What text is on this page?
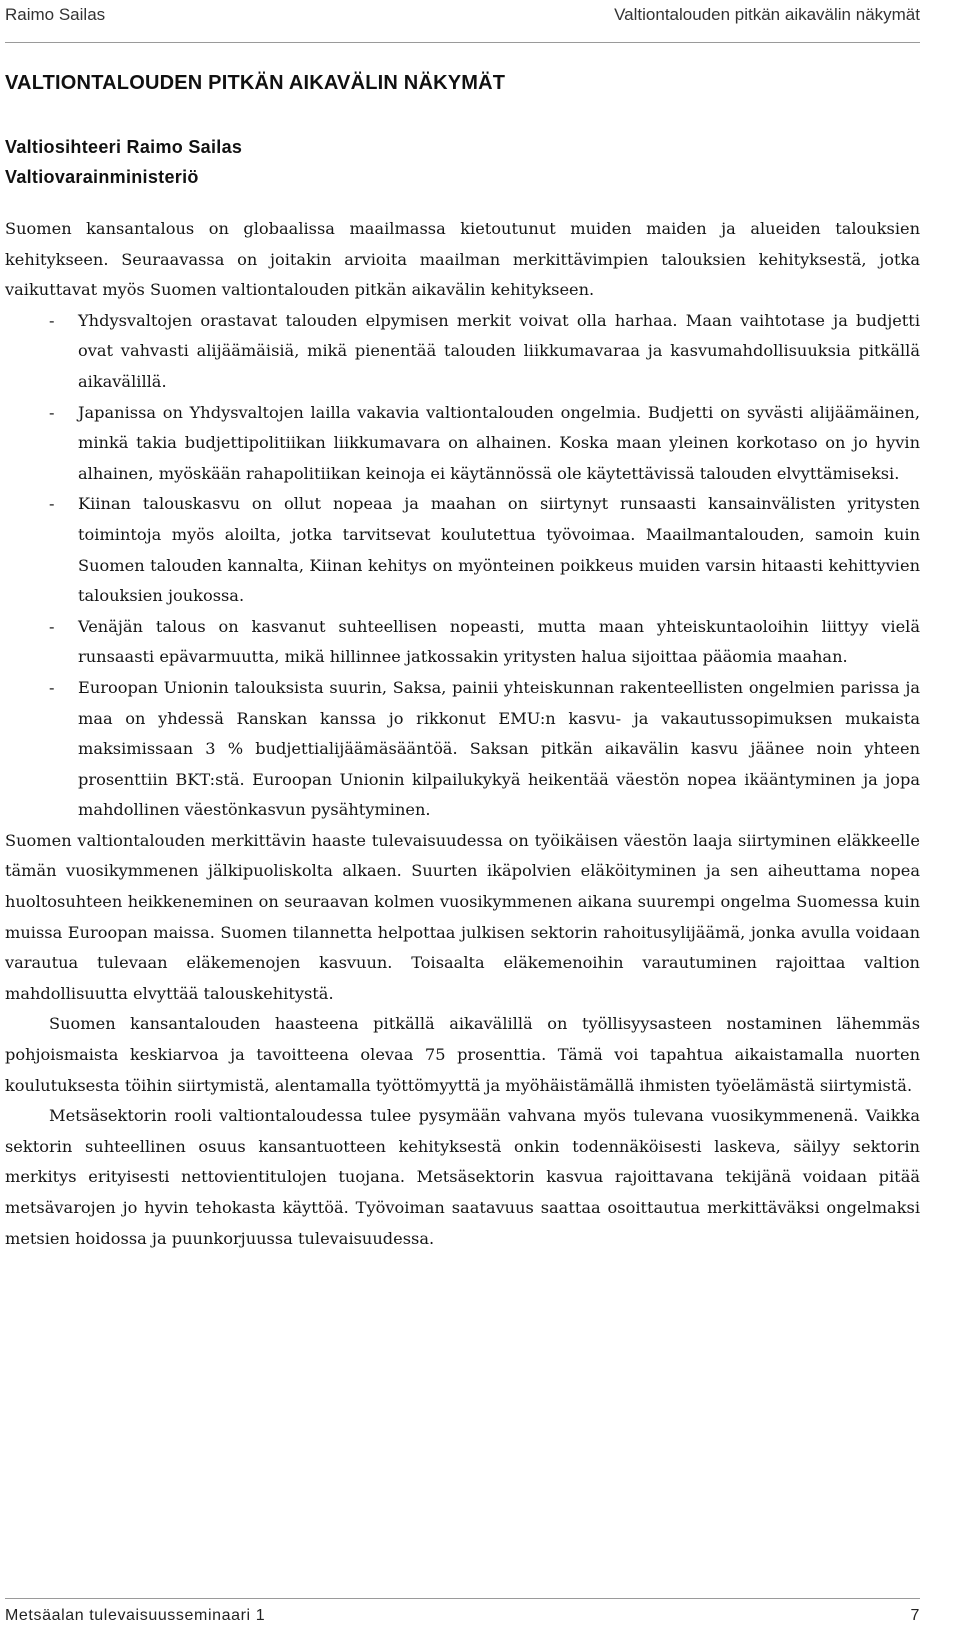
Raimo Sailas	Valtiontalouden pitkän aikavälin näkymät
VALTIONTALOUDEN PITKÄN AIKAVÄLIN NÄKYMÄT
Valtiosihteeri Raimo Sailas
Valtiovarainministeriö

Suomen kansantalous on globaalissa maailmassa kietoutunut muiden maiden ja alueiden talouksien kehitykseen. Seuraavassa on joitakin arvioita maailman merkittävimpien talouksien kehityksestä, jotka vaikuttavat myös Suomen valtiontalouden pitkän aikavälin kehitykseen.

- Yhdysvaltojen orastavat talouden elpymisen merkit voivat olla harhaa. Maan vaihtotase ja budjetti ovat vahvasti alijäämäisiä, mikä pienentää talouden liikkumavaraa ja kasvumahdollisuuksia pitkällä aikavälillä.
- Japanissa on Yhdysvaltojen lailla vakavia valtiontalouden ongelmia. Budjetti on syvästi alijäämäinen, minkä takia budjettipolitiikan liikkumavara on alhainen. Koska maan yleinen korkotaso on jo hyvin alhainen, myöskään rahapolitiikan keinoja ei käytännössä ole käytettävissä talouden elvyttämiseksi.
- Kiinan talouskasvu on ollut nopeaa ja maahan on siirtynyt runsaasti kansainvälisten yritysten toimintoja myös aloilta, jotka tarvitsevat koulutettua työvoimaa. Maailmantalouden, samoin kuin Suomen talouden kannalta, Kiinan kehitys on myönteinen poikkeus muiden varsin hitaasti kehittyvien talouksien joukossa.
- Venäjän talous on kasvanut suhteellisen nopeasti, mutta maan yhteiskuntaoloihin liittyy vielä runsaasti epävarmuutta, mikä hillinnee jatkossakin yritysten halua sijoittaa pääomia maahan.
- Euroopan Unionin talouksista suurin, Saksa, painii yhteiskunnan rakenteellisten ongelmien parissa ja maa on yhdessä Ranskan kanssa jo rikkonut EMU:n kasvu- ja vakautussopimuksen mukaista maksimissaan 3 % budjettialijäämäsääntöä. Saksan pitkän aikavälin kasvu jäänee noin yhteen prosenttiin BKT:stä. Euroopan Unionin kilpailukykyä heikentää väestön nopea ikääntyminen ja jopa mahdollinen väestönkasvun pysähtyminen.

Suomen valtiontalouden merkittävin haaste tulevaisuudessa on työikäisen väestön laaja siirtyminen eläkkeelle tämän vuosikymmenen jälkipuoliskolta alkaen. Suurten ikäpolvien eläköityminen ja sen aiheuttama nopea huoltosuhteen heikkeneminen on seuraavan kolmen vuosikymmenen aikana suurempi ongelma Suomessa kuin muissa Euroopan maissa. Suomen tilannetta helpottaa julkisen sektorin rahoitusylijäämä, jonka avulla voidaan varautua tulevaan eläkemenojen kasvuun. Toisaalta eläkemenoihin varautuminen rajoittaa valtion mahdollisuutta elvyttää talouskehitystä.

Suomen kansantalouden haasteena pitkällä aikavälillä on työllisyysasteen nostaminen lähemmäs pohjoismaista keskiarvoa ja tavoitteena olevaa 75 prosenttia. Tämä voi tapahtua aikaistamalla nuorten koulutuksesta töihin siirtymistä, alentamalla työttömyyttä ja myöhäistämällä ihmisten työelämästä siirtymistä.

Metsäsektorin rooli valtiontaloudessa tulee pysymään vahvana myös tulevana vuosikymmenenä. Vaikka sektorin suhteellinen osuus kansantuotteen kehityksestä onkin todennäköisesti laskeva, säilyy sektorin merkitys erityisesti nettovientitulojen tuojana. Metsäsektorin kasvua rajoittavana tekijänä voidaan pitää metsävarojen jo hyvin tehokasta käyttöä. Työvoiman saatavuus saattaa osoittautua merkittäväksi ongelmaksi metsien hoidossa ja puunkorjuussa tulevaisuudessa.

Metsäalan tulevaisuusseminaari 1	7
